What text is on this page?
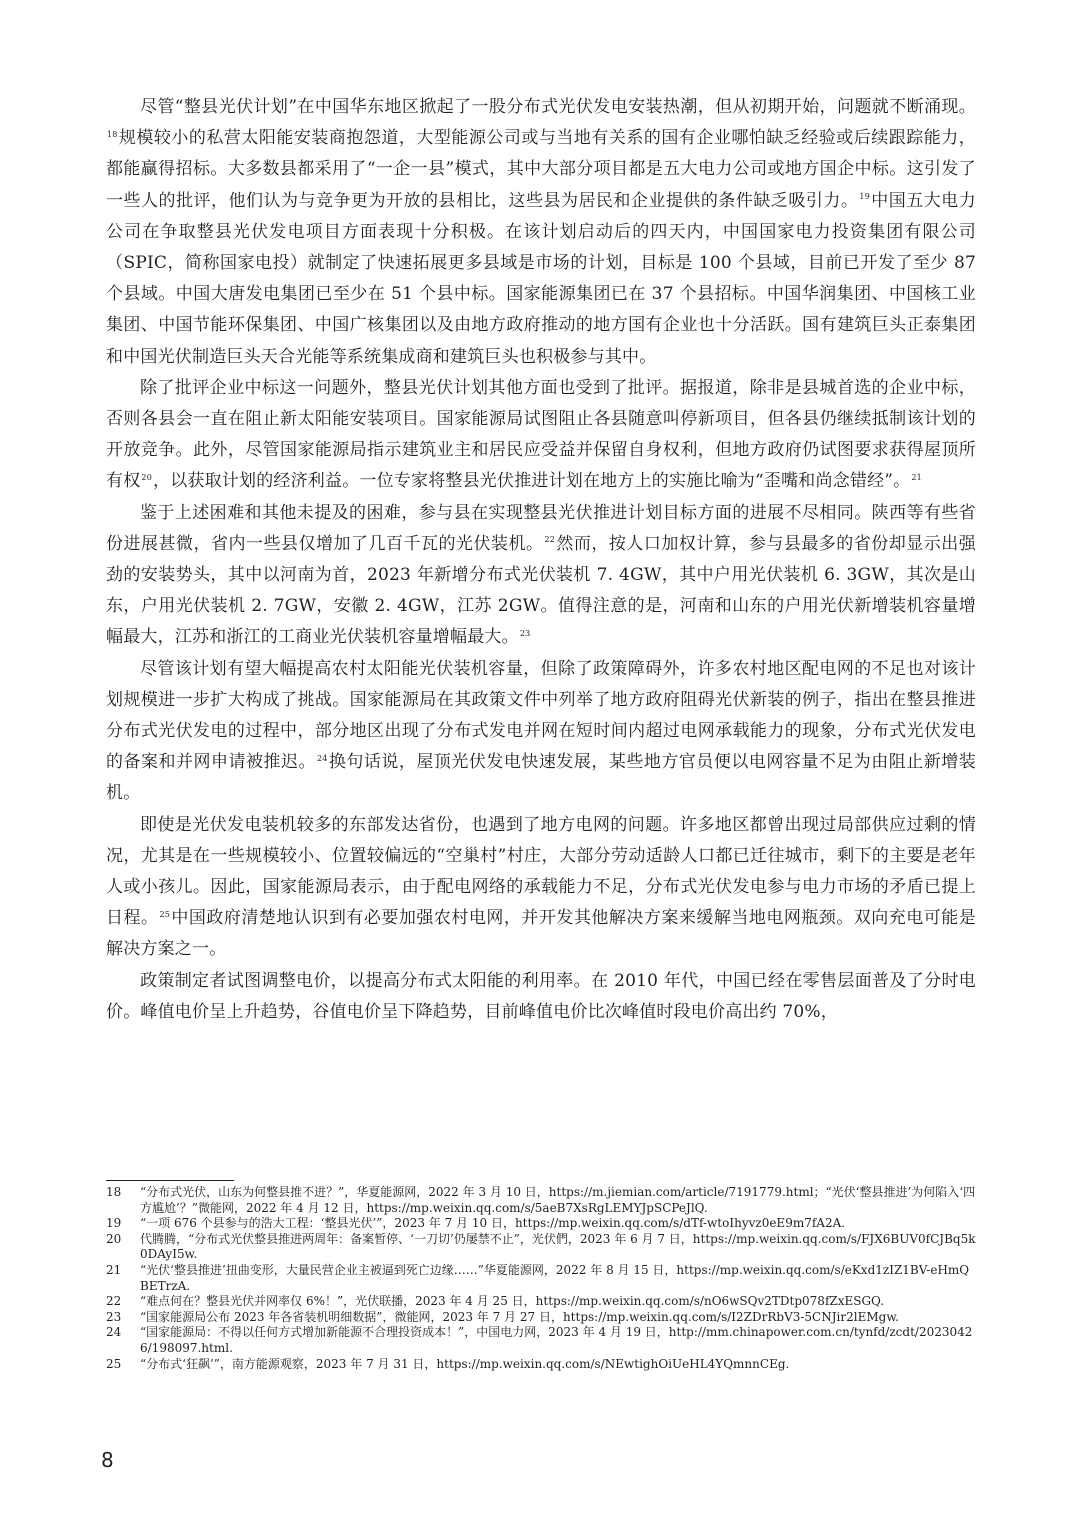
尽管“整县光伏计划”在中国华东地区掀起了一股分布式光伏发电安装热潮，但从初期开始，问题就不断涌现。$^{18}$规模较小的私营太阳能安装商抱怨道，大型能源公司或与当地有关系的国有企业哪怕缺乏经验或后续跟踪能力，都能赢得招标。大多数县都采用了“一企一县”模式，其中大部分项目都是五大电力公司或地方国企中标。这引发了一些人的批评，他们认为与竞争更为开放的县相比，这些县为居民和企业提供的条件缺乏吸引力。$^{19}$中国五大电力公司在争取整县光伏发电项目方面表现十分积极。在该计划启动后的四天内，中国国家电力投资集团有限公司（SPIC，简称国家电投）就制定了快速拓展更多县域是市场的计划，目标是 100 个县域，目前已开发了至少 87 个县域。中国大唐发电集团已至少在 51 个县中标。国家能源集团已在 37 个县招标。中国华润集团、中国核工业集团、中国节能环保集团、中国广核集团以及由地方政府推动的地方国有企业也十分活跃。国有建筑巨头正泰集团和中国光伏制造巨头天合光能等系统集成商和建筑巨头也积极参与其中。

除了批评企业中标这一问题外，整县光伏计划其他方面也受到了批评。据报道，除非是县城首选的企业中标，否则各县会一直在阻止新太阳能安装项目。国家能源局试图阻止各县随意叫停新项目，但各县仍继续抵制该计划的开放竞争。此外，尽管国家能源局指示建筑业主和居民应受益并保留自身权利，但地方政府仍试图要求获得屋顶所有权$^{20}$，以获取计划的经济利益。一位专家将整县光伏推进计划在地方上的实施比喻为“歪嘴和尚念错经”。$^{21}$

鉴于上述困难和其他未提及的困难，参与县在实现整县光伏推进计划目标方面的进展不尽相同。陕西等有些省份进展甚微，省内一些县仅增加了几百千瓦的光伏装机。$^{22}$然而，按人口加权计算，参与县最多的省份却显示出强劲的安装势头，其中以河南为首，2023 年新增分布式光伏装机 7. 4GW，其中户用光伏装机 6. 3GW，其次是山东，户用光伏装机 2. 7GW，安徽 2. 4GW，江苏 2GW。值得注意的是，河南和山东的户用光伏新增装机容量增幅最大，江苏和浙江的工商业光伏装机容量增幅最大。$^{23}$

尽管该计划有望大幅提高农村太阳能光伏装机容量，但除了政策障碍外，许多农村地区配电网的不足也对该计划规模进一步扩大构成了挑战。国家能源局在其政策文件中列举了地方政府阻碍光伏新装的例子，指出在整县推进分布式光伏发电的过程中，部分地区出现了分布式发电并网在短时间内超过电网承载能力的现象，分布式光伏发电的备案和并网申请被推迟。$^{24}$换句话说，屋顶光伏发电快速发展，某些地方官员便以电网容量不足为由阻止新增装机。

即使是光伏发电装机较多的东部发达省份，也遇到了地方电网的问题。许多地区都曾出现过局部供应过剩的情况，尤其是在一些规模较小、位置较偏远的“空巢村”村庄，大部分劳动适龄人口都已迁往城市，剩下的主要是老年人或小孩儿。因此，国家能源局表示，由于配电网络的承载能力不足，分布式光伏发电参与电力市场的矛盾已提上日程。$^{25}$中国政府清楚地认识到有必要加强农村电网，并开发其他解决方案来缓解当地电网瓶颈。双向充电可能是解决方案之一。

政策制定者试图调整电价，以提高分布式太阳能的利用率。在 2010 年代，中国已经在零售层面普及了分时电价。峰值电价呈上升趋势，谷值电价呈下降趋势，目前峰值电价比次峰值时段电价高出约 70%，

18	“分布式光伏，山东为何整县推不进？”，华夏能源网，2022 年 3 月 10 日，https://m.jiemian.com/article/7191779.html；“光伏‘整县推进’为何陷入‘四方尴尬’？”微能网，2022 年 4 月 12 日，https://mp.weixin.qq.com/s/5aeB7XsRgLEMYJpSCPeJlQ.
19	“一项 676 个县参与的浩大工程：‘整县光伏’”，2023 年 7 月 10 日，https://mp.weixin.qq.com/s/dTf-wtoIhyvz0eE9m7fA2A.
20	代腾腾，“分布式光伏整县推进两周年：备案暂停、‘一刀切’仍屡禁不止”，光伏們，2023 年 6 月 7 日，https://mp.weixin.qq.com/s/FJX6BUV0fCJBq5k0DAyI5w.
21	“光伏‘整县推进’扭曲变形，大量民营企业主被逼到死亡边缘……”华夏能源网，2022 年 8 月 15 日，https://mp.weixin.qq.com/s/eKxd1zIZ1BV-eHmQBETrzA.
22	“难点何在？整县光伏并网率仅 6%！”，光伏联播，2023 年 4 月 25 日，https://mp.weixin.qq.com/s/nO6wSQv2TDtp078fZxESGQ.
23	“国家能源局公布 2023 年各省装机明细数据”，微能网，2023 年 7 月 27 日，https://mp.weixin.qq.com/s/I2ZDrRbV3-5CNJir2lEMgw.
24	“国家能源局：不得以任何方式增加新能源不合理投资成本！”，中国电力网，2023 年 4 月 19 日，http://mm.chinapower.com.cn/tynfd/zcdt/20230426/198097.html.
25	“分布式‘狂飙’”，南方能源观察，2023 年 7 月 31 日，https://mp.weixin.qq.com/s/NEwtighOiUeHL4YQmnnCEg.
8
